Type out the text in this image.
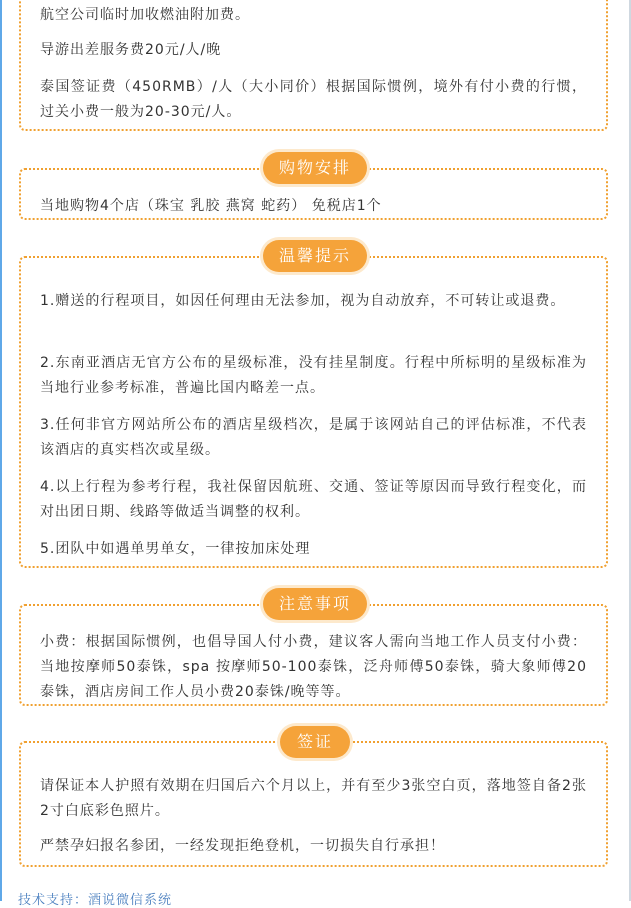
航空公司临时加收燃油附加费。

导游出差服务费20元/人/晚

泰国签证费（450RMB）/人（大小同价）根据国际惯例，境外有付小费的行惯，过关小费一般为20-30元/人。

当地购物4个店（珠宝 乳胶 燕窝 蛇药） 免税店1个

购物安排

1.赠送的行程项目，如因任何理由无法参加，视为自动放弃，不可转让或退费。

2.东南亚酒店无官方公布的星级标准，没有挂星制度。行程中所标明的星级标准为当地行业参考标准，普遍比国内略差一点。

3.任何非官方网站所公布的酒店星级档次，是属于该网站自己的评估标准，不代表该酒店的真实档次或星级。

4.以上行程为参考行程，我社保留因航班、交通、签证等原因而导致行程变化，而对出团日期、线路等做适当调整的权利。

5.团队中如遇单男单女，一律按加床处理

温馨提示

小费：根据国际惯例，也倡导国人付小费，建议客人需向当地工作人员支付小费：当地按摩师50泰铢，spa 按摩师50-100泰铢，泛舟师傅50泰铢，骑大象师傅20泰铢，酒店房间工作人员小费20泰铢/晚等等。

注意事项

请保证本人护照有效期在归国后六个月以上，并有至少3张空白页，落地签自备2张2寸白底彩色照片。

严禁孕妇报名参团，一经发现拒绝登机，一切损失自行承担！

签证
技术支持：酒说微信系统
